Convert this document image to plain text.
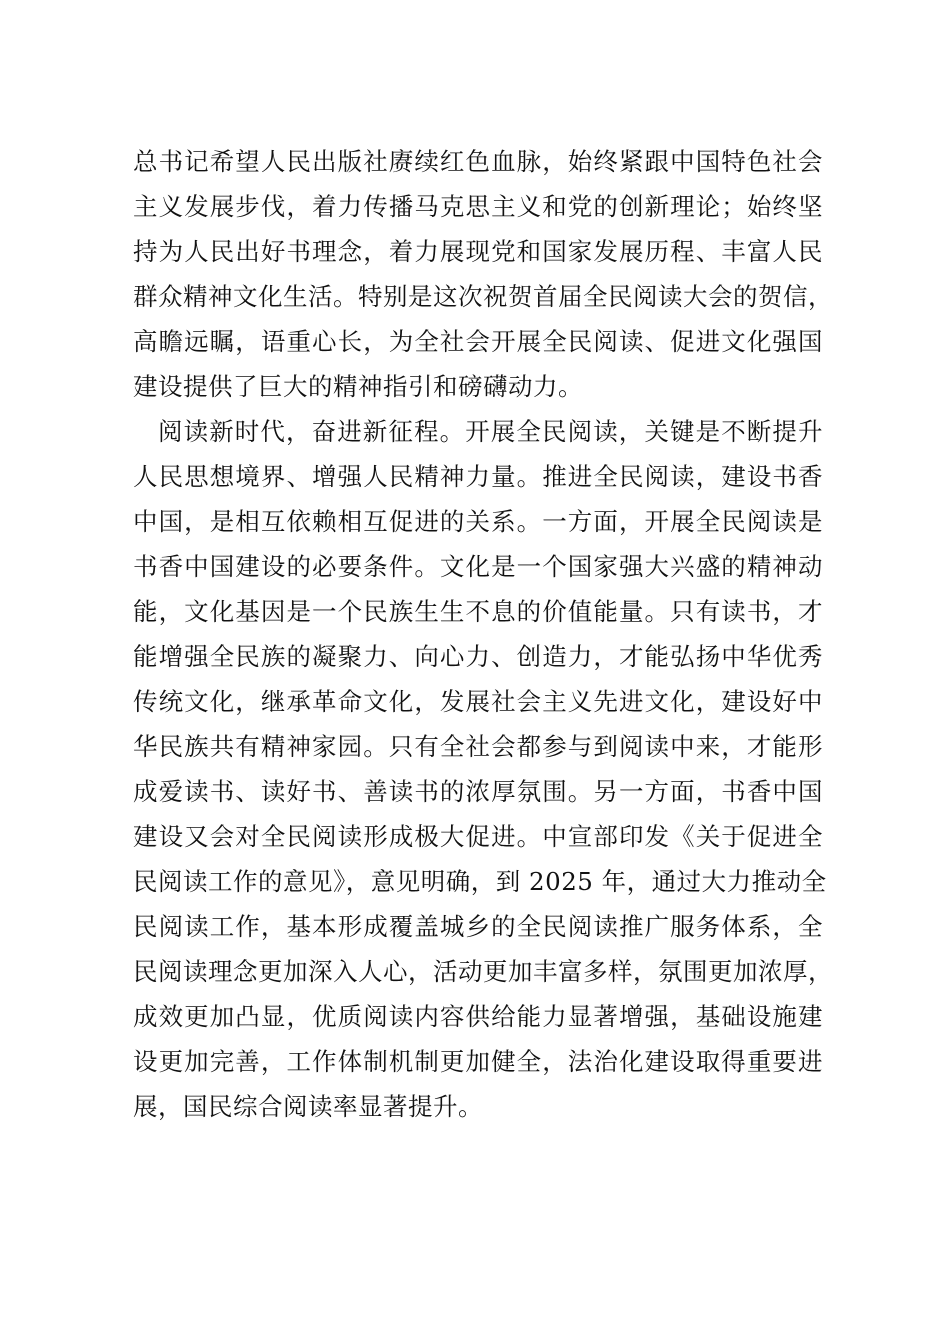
总书记希望人民出版社赓续红色血脉，始终紧跟中国特色社会
主义发展步伐，着力传播马克思主义和党的创新理论；始终坚
持为人民出好书理念，着力展现党和国家发展历程、丰富人民
群众精神文化生活。特别是这次祝贺首届全民阅读大会的贺信，
高瞻远瞩，语重心长，为全社会开展全民阅读、促进文化强国
建设提供了巨大的精神指引和磅礴动力。
阅读新时代，奋进新征程。开展全民阅读，关键是不断提升
人民思想境界、增强人民精神力量。推进全民阅读，建设书香
中国，是相互依赖相互促进的关系。一方面，开展全民阅读是
书香中国建设的必要条件。文化是一个国家强大兴盛的精神动
能，文化基因是一个民族生生不息的价值能量。只有读书，才
能增强全民族的凝聚力、向心力、创造力，才能弘扬中华优秀
传统文化，继承革命文化，发展社会主义先进文化，建设好中
华民族共有精神家园。只有全社会都参与到阅读中来，才能形
成爱读书、读好书、善读书的浓厚氛围。另一方面，书香中国
建设又会对全民阅读形成极大促进。中宣部印发《关于促进全
民阅读工作的意见》，意见明确，到 2025 年，通过大力推动全
民阅读工作，基本形成覆盖城乡的全民阅读推广服务体系，全
民阅读理念更加深入人心，活动更加丰富多样，氛围更加浓厚，
成效更加凸显，优质阅读内容供给能力显著增强，基础设施建
设更加完善，工作体制机制更加健全，法治化建设取得重要进
展，国民综合阅读率显著提升。
